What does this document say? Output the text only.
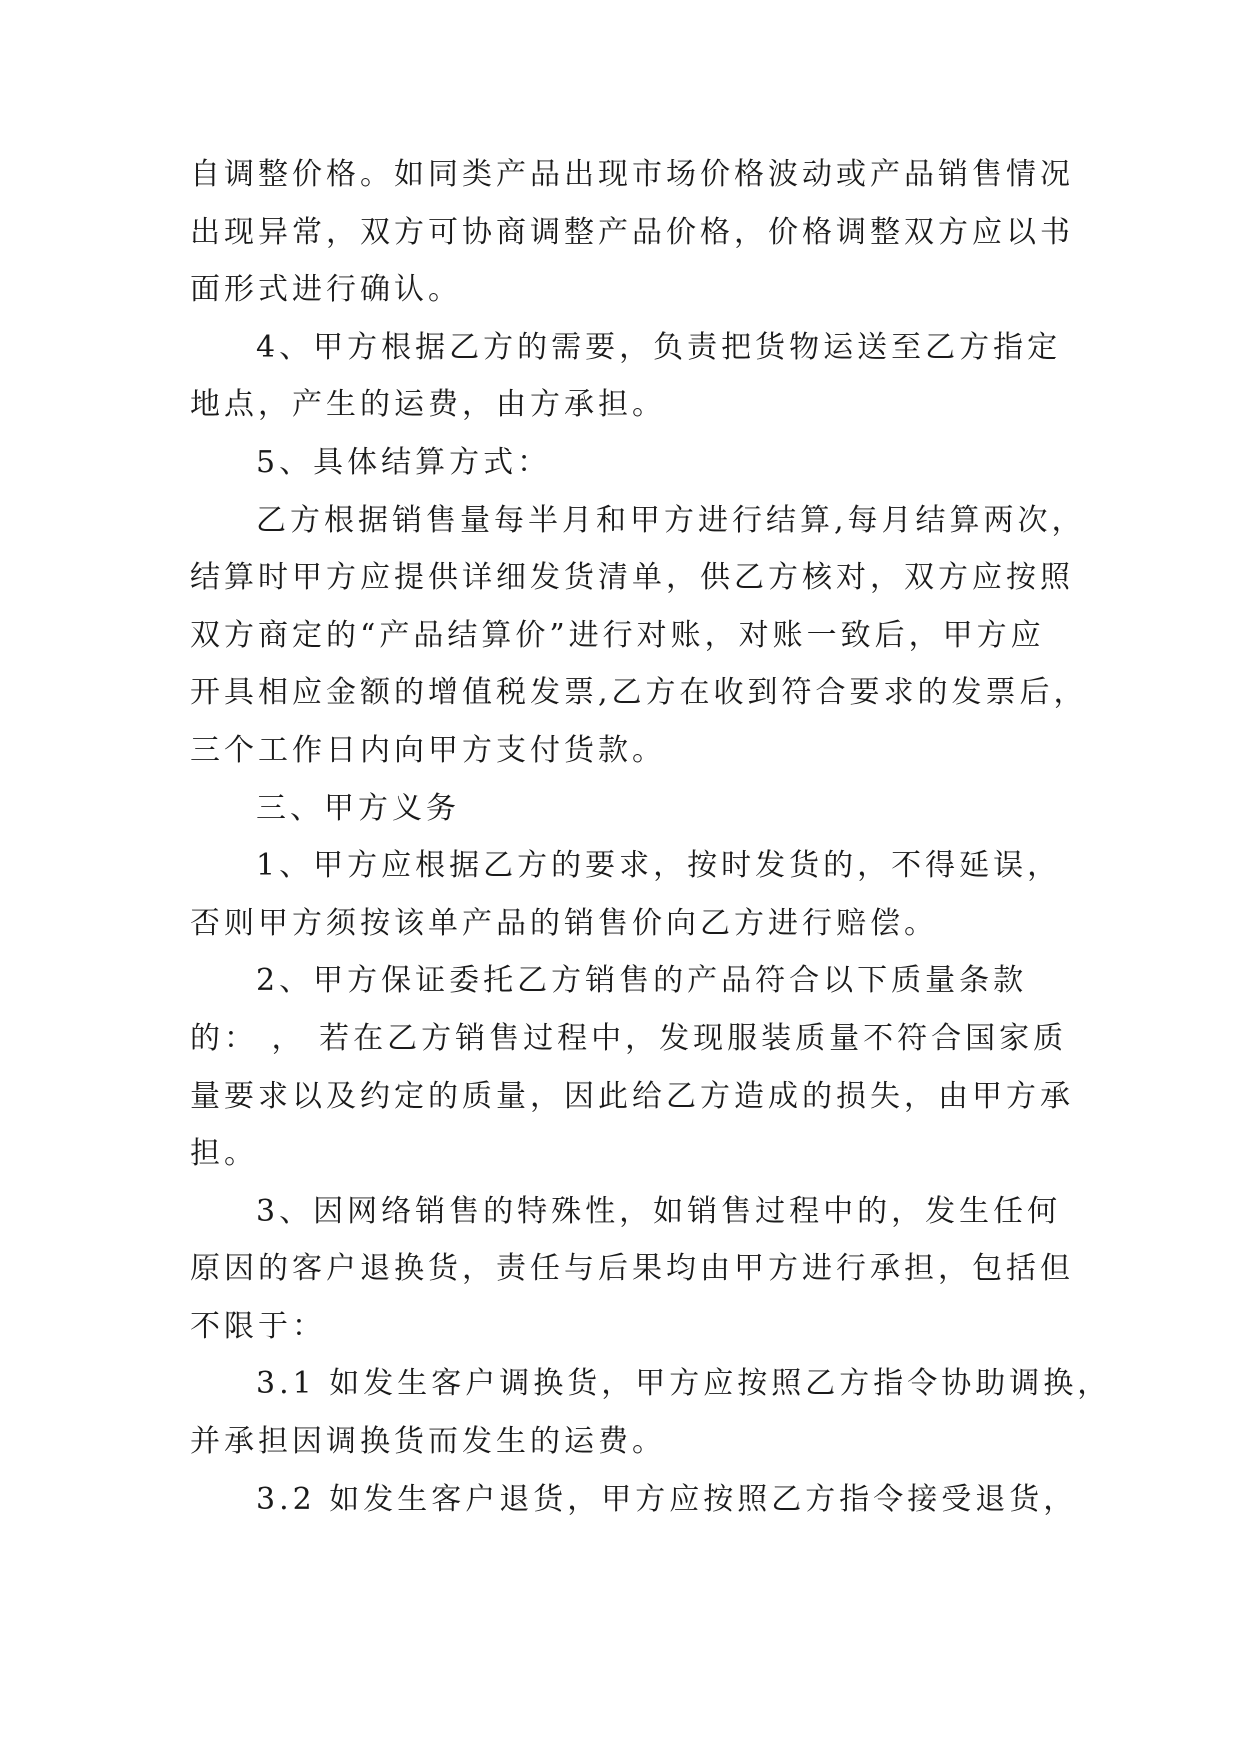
自调整价格。如同类产品出现市场价格波动或产品销售情况
出现异常，双方可协商调整产品价格，价格调整双方应以书
面形式进行确认。
4、甲方根据乙方的需要，负责把货物运送至乙方指定
地点，产生的运费，由方承担。
5、具体结算方式：
乙方根据销售量每半月和甲方进行结算,每月结算两次，
结算时甲方应提供详细发货清单，供乙方核对，双方应按照
双方商定的“产品结算价”进行对账，对账一致后，甲方应
开具相应金额的增值税发票,乙方在收到符合要求的发票后，
三个工作日内向甲方支付货款。
三、甲方义务
1、甲方应根据乙方的要求，按时发货的，不得延误，
否则甲方须按该单产品的销售价向乙方进行赔偿。
2、甲方保证委托乙方销售的产品符合以下质量条款
的： ， 若在乙方销售过程中，发现服装质量不符合国家质
量要求以及约定的质量，因此给乙方造成的损失，由甲方承
担。
3、因网络销售的特殊性，如销售过程中的，发生任何
原因的客户退换货，责任与后果均由甲方进行承担，包括但
不限于：
3.1 如发生客户调换货，甲方应按照乙方指令协助调换，
并承担因调换货而发生的运费。
3.2 如发生客户退货，甲方应按照乙方指令接受退货，
